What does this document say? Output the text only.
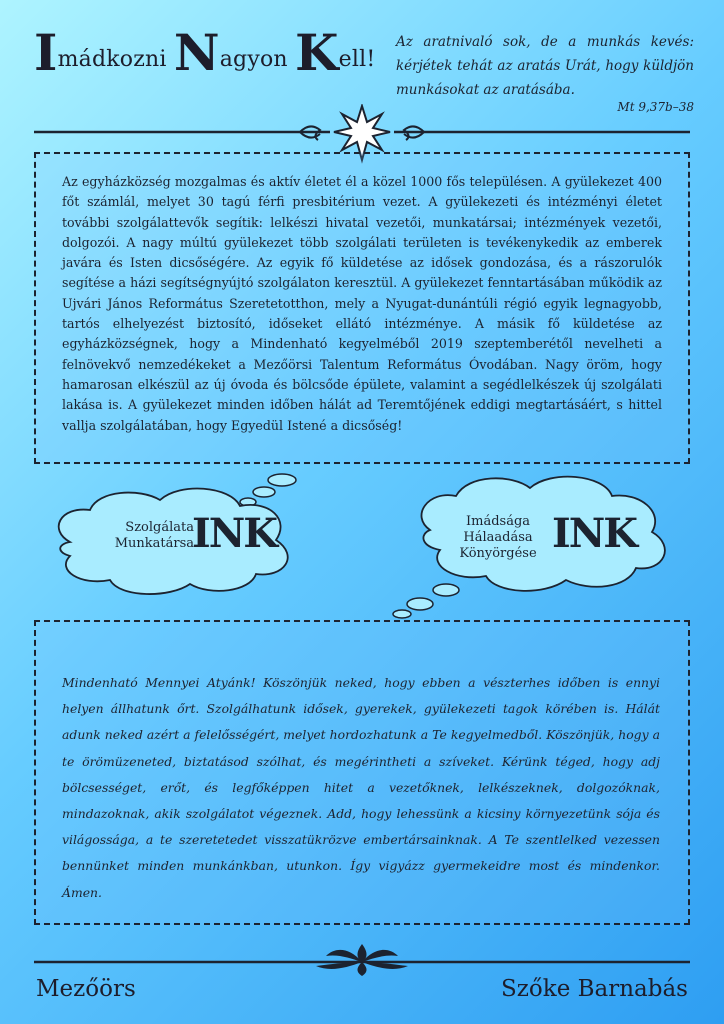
Imádkozni Nagyon Kell!
Az aratnivaló sok, de a munkás kevés: kérjétek tehát az aratás Urát, hogy küldjön munkásokat az aratásába.
Mt 9,37b–38

Az egyházközség mozgalmas és aktív életet él a közel 1000 fős településen. A gyülekezet 400 főt számlál, melyet 30 tagú férfi presbitérium vezet. A gyülekezeti és intézményi életet további szolgálattevők segítik: lelkészi hivatal vezetői, munkatársai; intézmények vezetői, dolgozói. A nagy múltú gyülekezet több szolgálati területen is tevékenykedik az emberek javára és Isten dicsőségére. Az egyik fő küldetése az idősek gondozása, és a rászorulók segítése a házi segítségnyújtó szolgálaton keresztül. A gyülekezet fenntartásában működik az Ujvári János Református Szeretetotthon, mely a Nyugat-dunántúli régió egyik legnagyobb, tartós elhelyezést biztosító, időseket ellátó intézménye. A másik fő küldetése az egyházközségnek, hogy a Mindenható kegyelméből 2019 szeptemberétől nevelheti a felnövekvő nemzedékeket a Mezőörsi Talentum Református Óvodában. Nagy öröm, hogy hamarosan elkészül az új óvoda és bölcsőde épülete, valamint a segédlelkészek új szolgálati lakása is. A gyülekezet minden időben hálát ad Teremtőjének eddigi megtartásáért, s hittel vallja szolgálatában, hogy Egyedül Istené a dicsőség!

Szolgálata
Munkatársa
INK	Imádsága
Hálaadása
Könyörgése INK

Mindenható Mennyei Atyánk! Köszönjük neked, hogy ebben a vészterhes időben is ennyi helyen állhatunk őrt. Szolgálhatunk idősek, gyerekek, gyülekezeti tagok körében is. Hálát adunk neked azért a felelősségért, melyet hordozhatunk a Te kegyelmedből. Köszönjük, hogy a te örömüzeneted, biztatásod szólhat, és megérintheti a szíveket. Kérünk téged, hogy adj bölcsességet, erőt, és legfőképpen hitet a vezetőknek, lelkészeknek, dolgozóknak, mindazoknak, akik szolgálatot végeznek. Add, hogy lehessünk a kicsiny környezetünk sója és világossága, a te szeretetedet visszatükrözve embertársainknak. A Te szentlelked vezessen bennünket minden munkánkban, utunkon. Így vigyázz gyermekeidre most és mindenkor. Ámen.

Mezőörs	Szőke Barnabás
